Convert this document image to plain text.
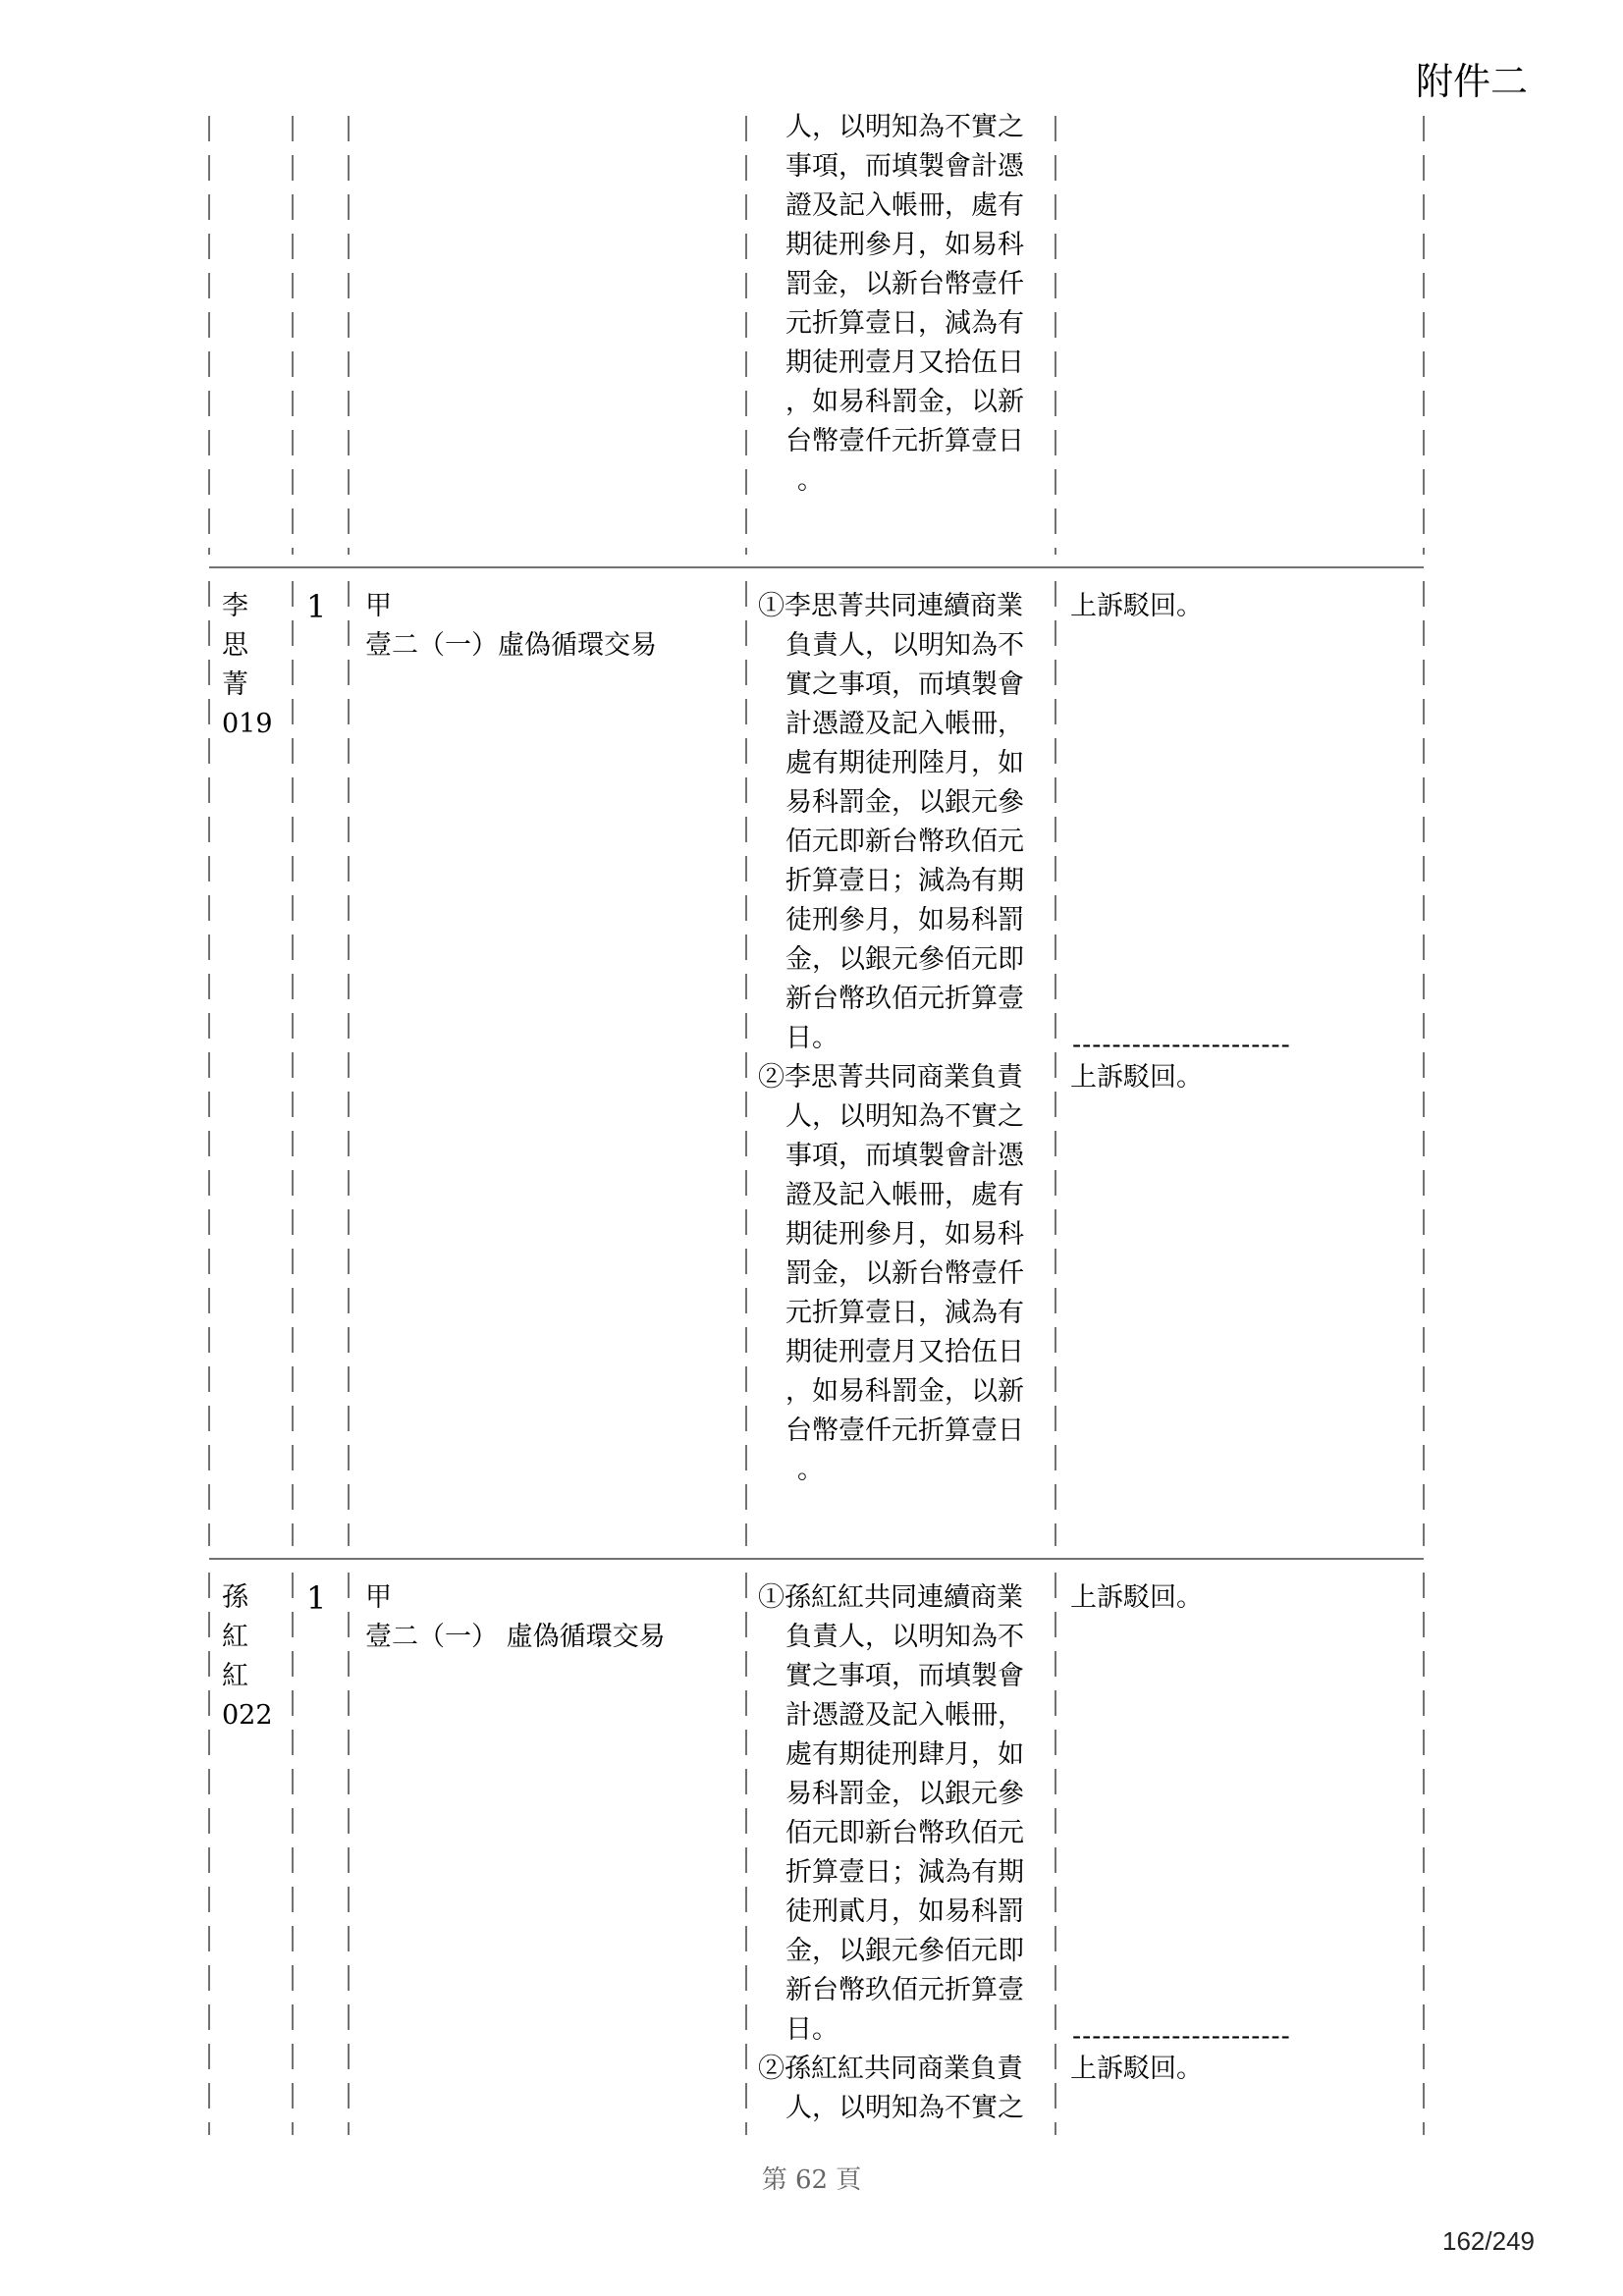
附件二
人，以明知為不實之
事項，而填製會計憑
證及記入帳冊，處有
期徒刑參月，如易科
罰金，以新台幣壹仟
元折算壹日，減為有
期徒刑壹月又拾伍日
，如易科罰金，以新
台幣壹仟元折算壹日
。
李
思
菁
019
1 甲
壹二（一）虛偽循環交易
①李思菁共同連續商業
負責人，以明知為不
實之事項，而填製會
計憑證及記入帳冊，
處有期徒刑陸月，如
易科罰金，以銀元參
佰元即新台幣玖佰元
折算壹日；減為有期
徒刑參月，如易科罰
金，以銀元參佰元即
新台幣玖佰元折算壹
日。
②李思菁共同商業負責
人，以明知為不實之
事項，而填製會計憑
證及記入帳冊，處有
期徒刑參月，如易科
罰金，以新台幣壹仟
元折算壹日，減為有
期徒刑壹月又拾伍日
，如易科罰金，以新
台幣壹仟元折算壹日
。
上訴駁回。
----------------------
上訴駁回。
孫
紅
紅
022
1 甲
壹二（一） 虛偽循環交易
①孫紅紅共同連續商業
負責人，以明知為不
實之事項，而填製會
計憑證及記入帳冊，
處有期徒刑肆月，如
易科罰金，以銀元參
佰元即新台幣玖佰元
折算壹日；減為有期
徒刑貳月，如易科罰
金，以銀元參佰元即
新台幣玖佰元折算壹
日。
②孫紅紅共同商業負責
人，以明知為不實之
上訴駁回。
----------------------
上訴駁回。
第 62 頁
162/249
